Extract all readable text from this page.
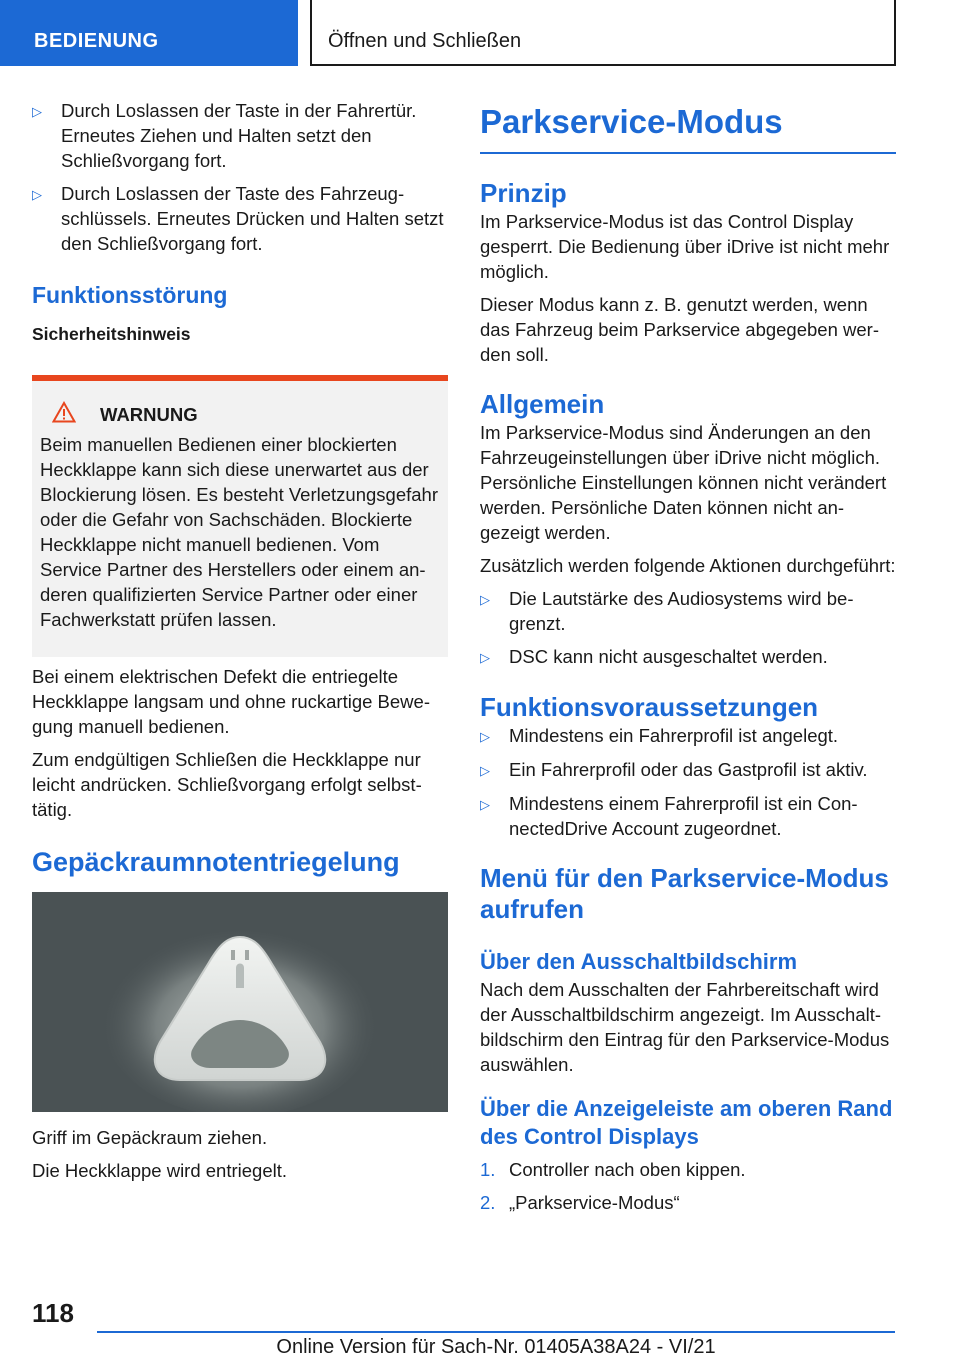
BEDIENUNG	Öffnen und Schließen
▷	Durch Loslassen der Taste in der Fahrertür. Erneutes Ziehen und Halten setzt den Schließvorgang fort.
▷	Durch Loslassen der Taste des Fahrzeugschlüssels. Erneutes Drücken und Halten setzt den Schließvorgang fort.
Funktionsstörung
Sicherheitshinweis
WARNUNG
Beim manuellen Bedienen einer blockierten Heckklappe kann sich diese unerwartet aus der Blockierung lösen. Es besteht Verletzungsgefahr oder die Gefahr von Sachschäden. Blockierte Heckklappe nicht manuell bedienen. Vom Service Partner des Herstellers oder einem anderen qualifizierten Service Partner oder einer Fachwerkstatt prüfen lassen.
Bei einem elektrischen Defekt die entriegelte Heckklappe langsam und ohne ruckartige Bewegung manuell bedienen.
Zum endgültigen Schließen die Heckklappe nur leicht andrücken. Schließvorgang erfolgt selbsttätig.
Gepäckraumnotentriegelung
Griff im Gepäckraum ziehen.
Die Heckklappe wird entriegelt.
Parkservice-Modus
Prinzip
Im Parkservice-Modus ist das Control Display gesperrt. Die Bedienung über iDrive ist nicht mehr möglich.
Dieser Modus kann z. B. genutzt werden, wenn das Fahrzeug beim Parkservice abgegeben werden soll.
Allgemein
Im Parkservice-Modus sind Änderungen an den Fahrzeugeinstellungen über iDrive nicht möglich. Persönliche Einstellungen können nicht verändert werden. Persönliche Daten können nicht angezeigt werden.
Zusätzlich werden folgende Aktionen durchgeführt:
▷	Die Lautstärke des Audiosystems wird begrenzt.
▷	DSC kann nicht ausgeschaltet werden.
Funktionsvoraussetzungen
▷	Mindestens ein Fahrerprofil ist angelegt.
▷	Ein Fahrerprofil oder das Gastprofil ist aktiv.
▷	Mindestens einem Fahrerprofil ist ein ConnectedDrive Account zugeordnet.
Menü für den Parkservice-Modus aufrufen
Über den Ausschaltbildschirm
Nach dem Ausschalten der Fahrbereitschaft wird der Ausschaltbildschirm angezeigt. Im Ausschaltbildschirm den Eintrag für den Parkservice-Modus auswählen.
Über die Anzeigeleiste am oberen Rand des Control Displays
1. Controller nach oben kippen.
2. „Parkservice-Modus“
118
Online Version für Sach-Nr. 01405A38A24 - VI/21
